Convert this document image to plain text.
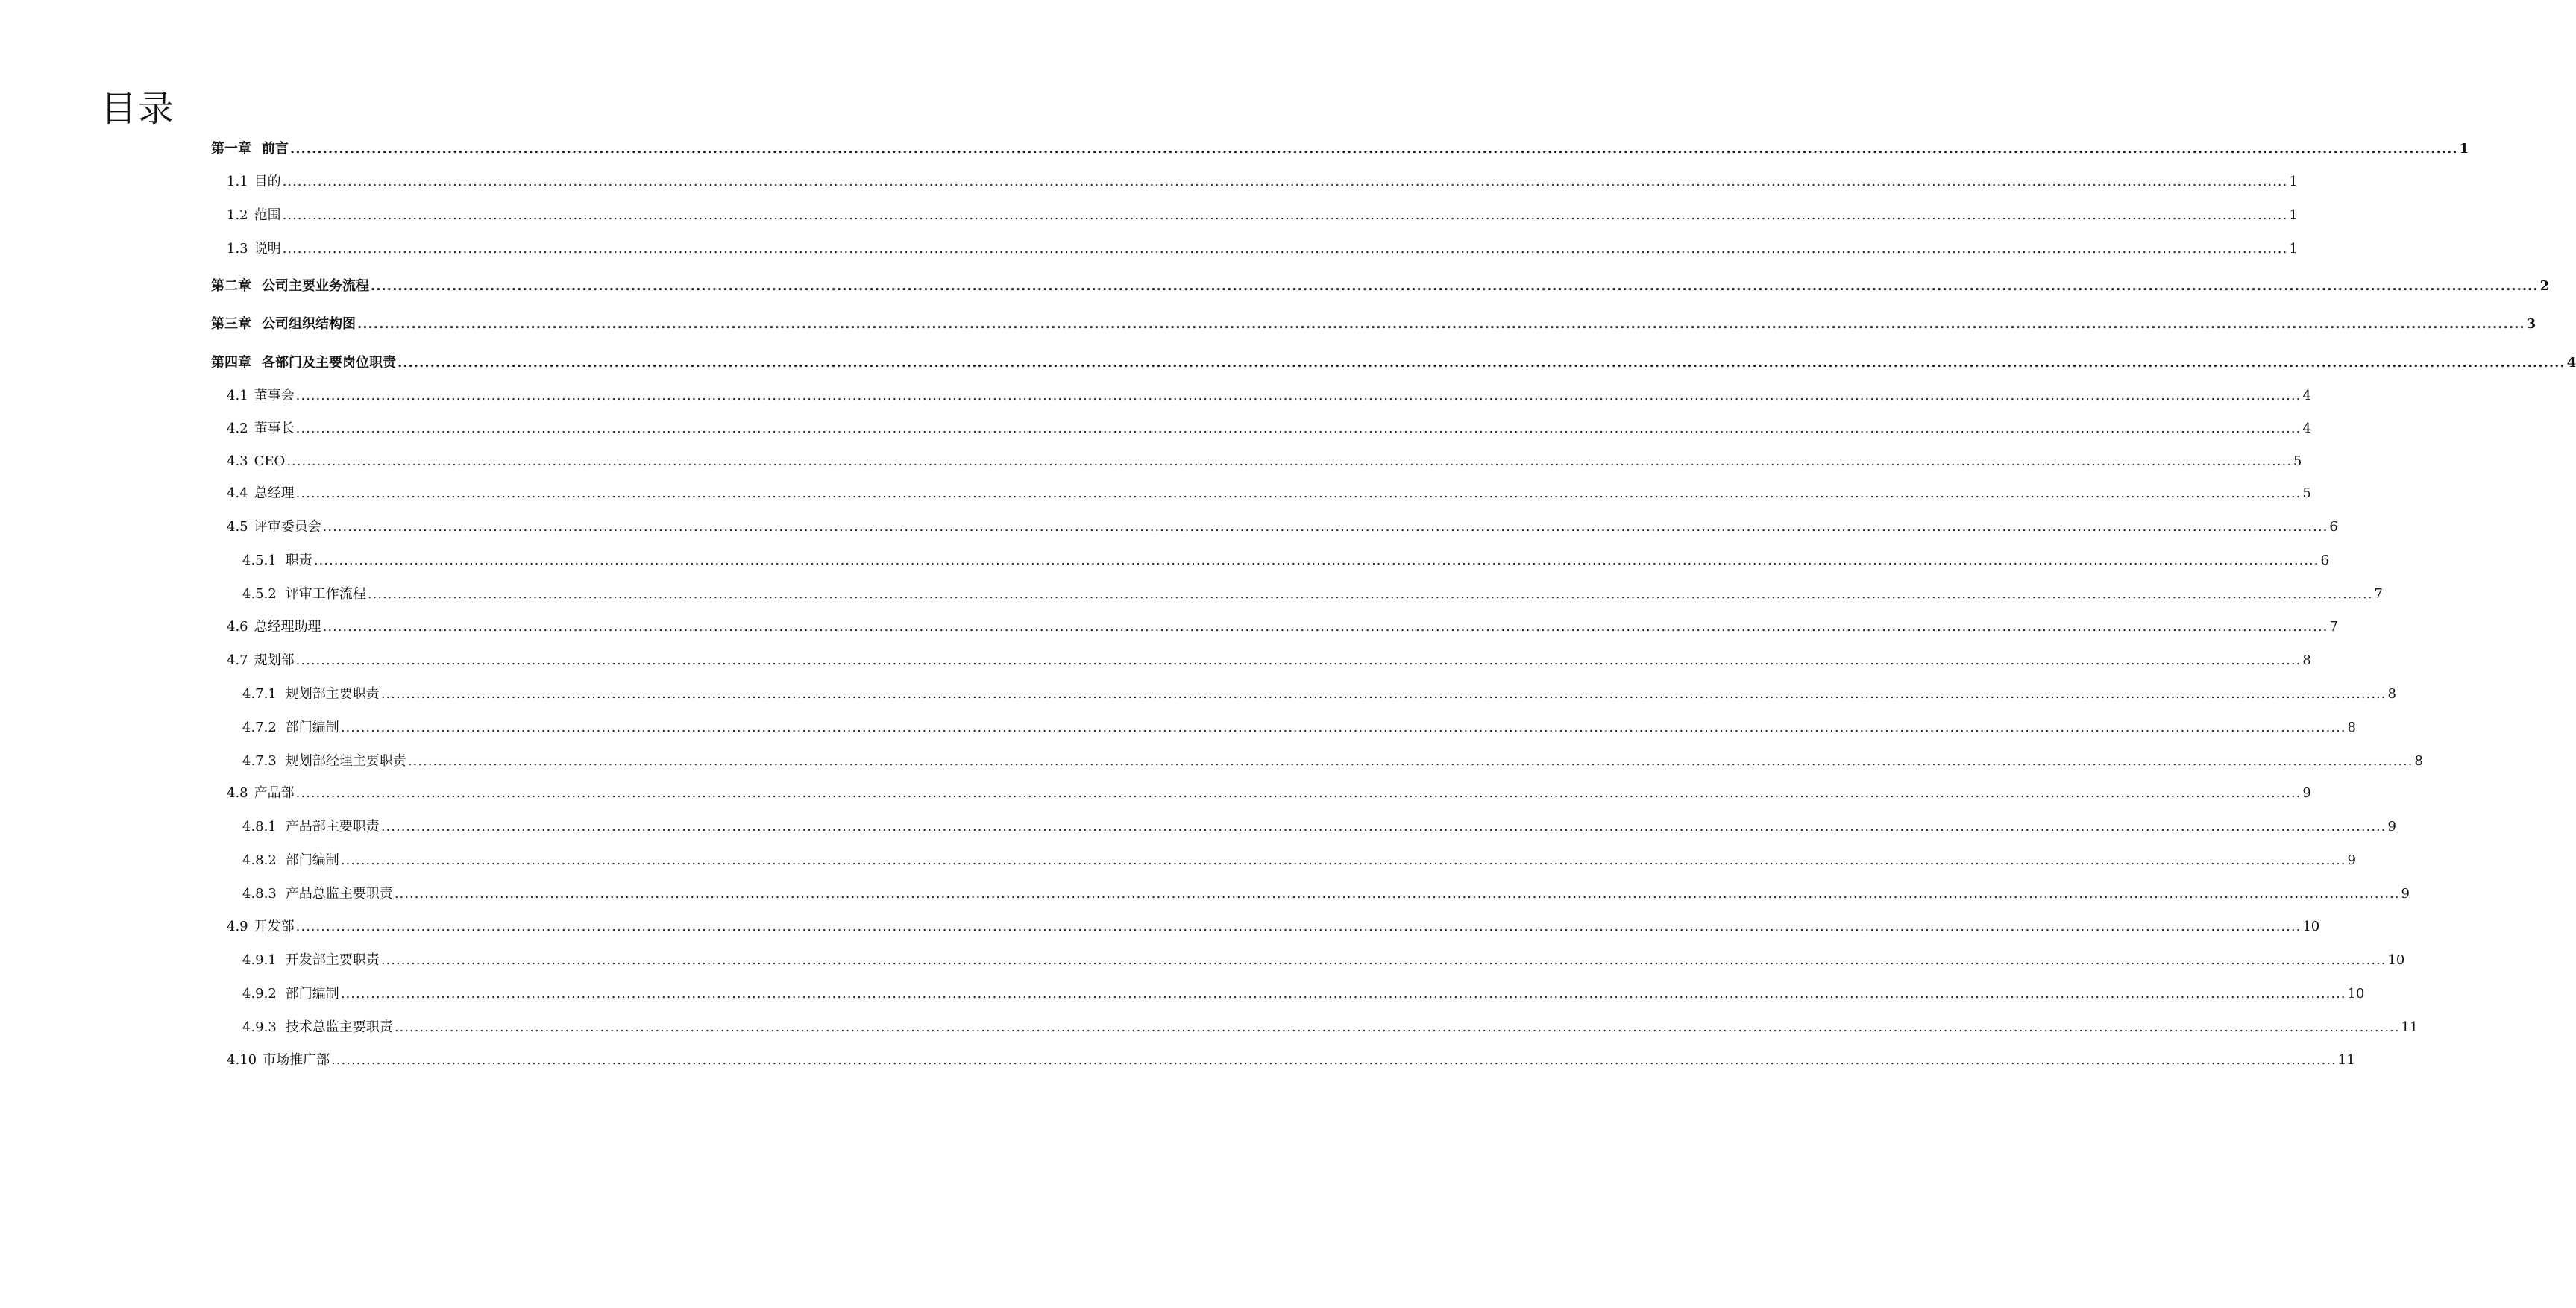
目录
第一章 前言 ................................................................................................................................................................................................................................................................................................................................................................................................................ 1
1.1 目的 ................................................................................................................................................................................................................................................................................................................................................................................................................ 1
1.2 范围 ................................................................................................................................................................................................................................................................................................................................................................................................................ 1
1.3 说明 ................................................................................................................................................................................................................................................................................................................................................................................................................ 1
第二章 公司主要业务流程 ................................................................................................................................................................................................................................................................................................................................................................................................................ 2
第三章 公司组织结构图 ................................................................................................................................................................................................................................................................................................................................................................................................................ 3
第四章 各部门及主要岗位职责 ................................................................................................................................................................................................................................................................................................................................................................................................................ 4
4.1 董事会 ................................................................................................................................................................................................................................................................................................................................................................................................................ 4
4.2 董事长 ................................................................................................................................................................................................................................................................................................................................................................................................................ 4
4.3 CEO ................................................................................................................................................................................................................................................................................................................................................................................................................ 5
4.4 总经理 ................................................................................................................................................................................................................................................................................................................................................................................................................ 5
4.5 评审委员会 ................................................................................................................................................................................................................................................................................................................................................................................................................ 6
4.5.1 职责 ................................................................................................................................................................................................................................................................................................................................................................................................................ 6
4.5.2 评审工作流程 ................................................................................................................................................................................................................................................................................................................................................................................................................ 7
4.6 总经理助理 ................................................................................................................................................................................................................................................................................................................................................................................................................ 7
4.7 规划部 ................................................................................................................................................................................................................................................................................................................................................................................................................ 8
4.7.1 规划部主要职责 ................................................................................................................................................................................................................................................................................................................................................................................................................ 8
4.7.2 部门编制 ................................................................................................................................................................................................................................................................................................................................................................................................................ 8
4.7.3 规划部经理主要职责 ................................................................................................................................................................................................................................................................................................................................................................................................................ 8
4.8 产品部 ................................................................................................................................................................................................................................................................................................................................................................................................................ 9
4.8.1 产品部主要职责 ................................................................................................................................................................................................................................................................................................................................................................................................................ 9
4.8.2 部门编制 ................................................................................................................................................................................................................................................................................................................................................................................................................ 9
4.8.3 产品总监主要职责 ................................................................................................................................................................................................................................................................................................................................................................................................................ 9
4.9 开发部 ................................................................................................................................................................................................................................................................................................................................................................................................................ 10
4.9.1 开发部主要职责 ................................................................................................................................................................................................................................................................................................................................................................................................................ 10
4.9.2 部门编制 ................................................................................................................................................................................................................................................................................................................................................................................................................ 10
4.9.3 技术总监主要职责 ................................................................................................................................................................................................................................................................................................................................................................................................................ 11
4.10 市场推广部 ................................................................................................................................................................................................................................................................................................................................................................................................................ 11
